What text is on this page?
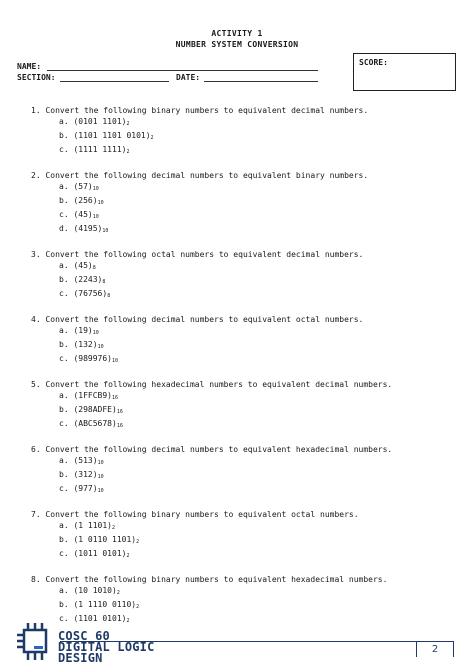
ACTIVITY 1
NUMBER SYSTEM CONVERSION
NAME:
SECTION:	DATE:
SCORE:
1. Convert the following binary numbers to equivalent decimal numbers.
a. (0101 $1101)_2$
b. (1101 1101 $0101)_2$
c. (1111 $1111)_2$
2. Convert the following decimal numbers to equivalent binary numbers.
a. $(57)_{10}$
b. $(256)_{10}$
c. $(45)_{10}$
d. $(4195)_{10}$
3. Convert the following octal numbers to equivalent decimal numbers.
a. $(45)_8$
b. $(2243)_8$
c. $(76756)_8$
4. Convert the following decimal numbers to equivalent octal numbers.
a. $(19)_{10}$
b. $(132)_{10}$
c. $(989976)_{10}$
5. Convert the following hexadecimal numbers to equivalent decimal numbers.
a. $(1FFCB9)_{16}$
b. $(298ADFE)_{16}$
c. $(ABC5678)_{16}$
6. Convert the following decimal numbers to equivalent hexadecimal numbers.
a. $(513)_{10}$
b. $(312)_{10}$
c. $(977)_{10}$
7. Convert the following binary numbers to equivalent octal numbers.
a. (1 $1101)_2$
b. (1 0110 $1101)_2$
c. (1011 $0101)_2$
8. Convert the following binary numbers to equivalent hexadecimal numbers.
a. (10 $1010)_2$
b. (1 1110 $0110)_2$
c. (1101 $0101)_2$
COSC 60
DIGITAL LOGIC
DESIGN
2
